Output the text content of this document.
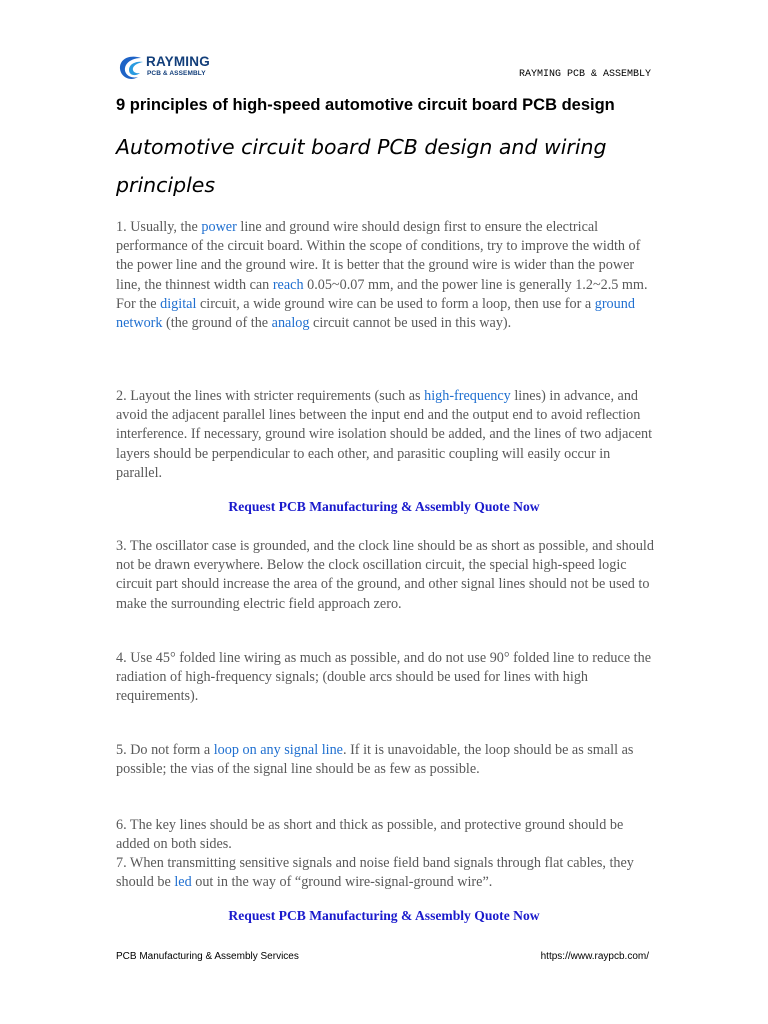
RAYMING
PCB & ASSEMBLY	RAYMING PCB & ASSEMBLY
9 principles of high-speed automotive circuit board PCB design
Automotive circuit board PCB design and wiring principles

1. Usually, the power line and ground wire should design first to ensure the electrical performance of the circuit board. Within the scope of conditions, try to improve the width of the power line and the ground wire. It is better that the ground wire is wider than the power line, the thinnest width can reach 0.05~0.07 mm, and the power line is generally 1.2~2.5 mm. For the digital circuit, a wide ground wire can be used to form a loop, then use for a ground network (the ground of the analog circuit cannot be used in this way).

2. Layout the lines with stricter requirements (such as high-frequency lines) in advance, and avoid the adjacent parallel lines between the input end and the output end to avoid reflection interference. If necessary, ground wire isolation should be added, and the lines of two adjacent layers should be perpendicular to each other, and parasitic coupling will easily occur in parallel.

Request PCB Manufacturing & Assembly Quote Now

3. The oscillator case is grounded, and the clock line should be as short as possible, and should not be drawn everywhere. Below the clock oscillation circuit, the special high-speed logic circuit part should increase the area of the ground, and other signal lines should not be used to make the surrounding electric field approach zero.

4. Use 45° folded line wiring as much as possible, and do not use 90° folded line to reduce the radiation of high-frequency signals; (double arcs should be used for lines with high requirements).

5. Do not form a loop on any signal line. If it is unavoidable, the loop should be as small as possible; the vias of the signal line should be as few as possible.

6. The key lines should be as short and thick as possible, and protective ground should be added on both sides.

7. When transmitting sensitive signals and noise field band signals through flat cables, they should be led out in the way of “ground wire-signal-ground wire”.

Request PCB Manufacturing & Assembly Quote Now
PCB Manufacturing & Assembly Services	https://www.raypcb.com/
